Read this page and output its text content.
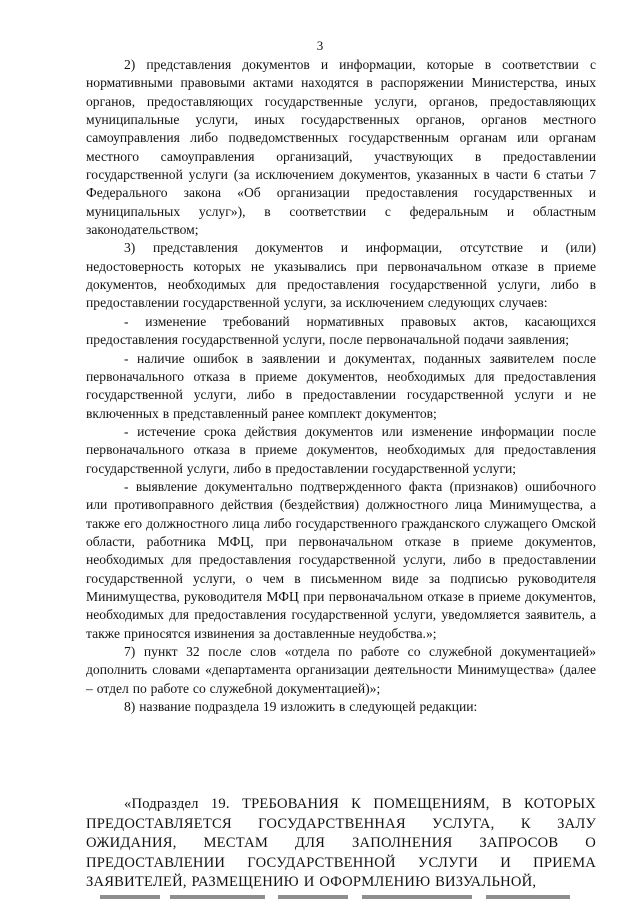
3

2) представления документов и информации, которые в соответствии с нормативными правовыми актами находятся в распоряжении Министерства, иных органов, предоставляющих государственные услуги, органов, предоставляющих муниципальные услуги, иных государственных органов, органов местного самоуправления либо подведомственных государственным органам или органам местного самоуправления организаций, участвующих в предоставлении государственной услуги (за исключением документов, указанных в части 6 статьи 7 Федерального закона «Об организации предоставления государственных и муниципальных услуг»), в соответствии с федеральным и областным законодательством;

3) представления документов и информации, отсутствие и (или) недостоверность которых не указывались при первоначальном отказе в приеме документов, необходимых для предоставления государственной услуги, либо в предоставлении государственной услуги, за исключением следующих случаев:

- изменение требований нормативных правовых актов, касающихся предоставления государственной услуги, после первоначальной подачи заявления;

- наличие ошибок в заявлении и документах, поданных заявителем после первоначального отказа в приеме документов, необходимых для предоставления государственной услуги, либо в предоставлении государственной услуги и не включенных в представленный ранее комплект документов;

- истечение срока действия документов или изменение информации после первоначального отказа в приеме документов, необходимых для предоставления государственной услуги, либо в предоставлении государственной услуги;

- выявление документально подтвержденного факта (признаков) ошибочного или противоправного действия (бездействия) должностного лица Минимущества, а также его должностного лица либо государственного гражданского служащего Омской области, работника МФЦ, при первоначальном отказе в приеме документов, необходимых для предоставления государственной услуги, либо в предоставлении государственной услуги, о чем в письменном виде за подписью руководителя Минимущества, руководителя МФЦ при первоначальном отказе в приеме документов, необходимых для предоставления государственной услуги, уведомляется заявитель, а также приносятся извинения за доставленные неудобства.»;

7) пункт 32 после слов «отдела по работе со служебной документацией» дополнить словами «департамента организации деятельности Минимущества» (далее – отдел по работе со служебной документацией)»;

8) название подраздела 19 изложить в следующей редакции:

«Подраздел 19. ТРЕБОВАНИЯ К ПОМЕЩЕНИЯМ, В КОТОРЫХ ПРЕДОСТАВЛЯЕТСЯ ГОСУДАРСТВЕННАЯ УСЛУГА, К ЗАЛУ ОЖИДАНИЯ, МЕСТАМ ДЛЯ ЗАПОЛНЕНИЯ ЗАПРОСОВ О ПРЕДОСТАВЛЕНИИ ГОСУДАРСТВЕННОЙ УСЛУГИ И ПРИЕМА ЗАЯВИТЕЛЕЙ, РАЗМЕЩЕНИЮ И ОФОРМЛЕНИЮ ВИЗУАЛЬНОЙ,
